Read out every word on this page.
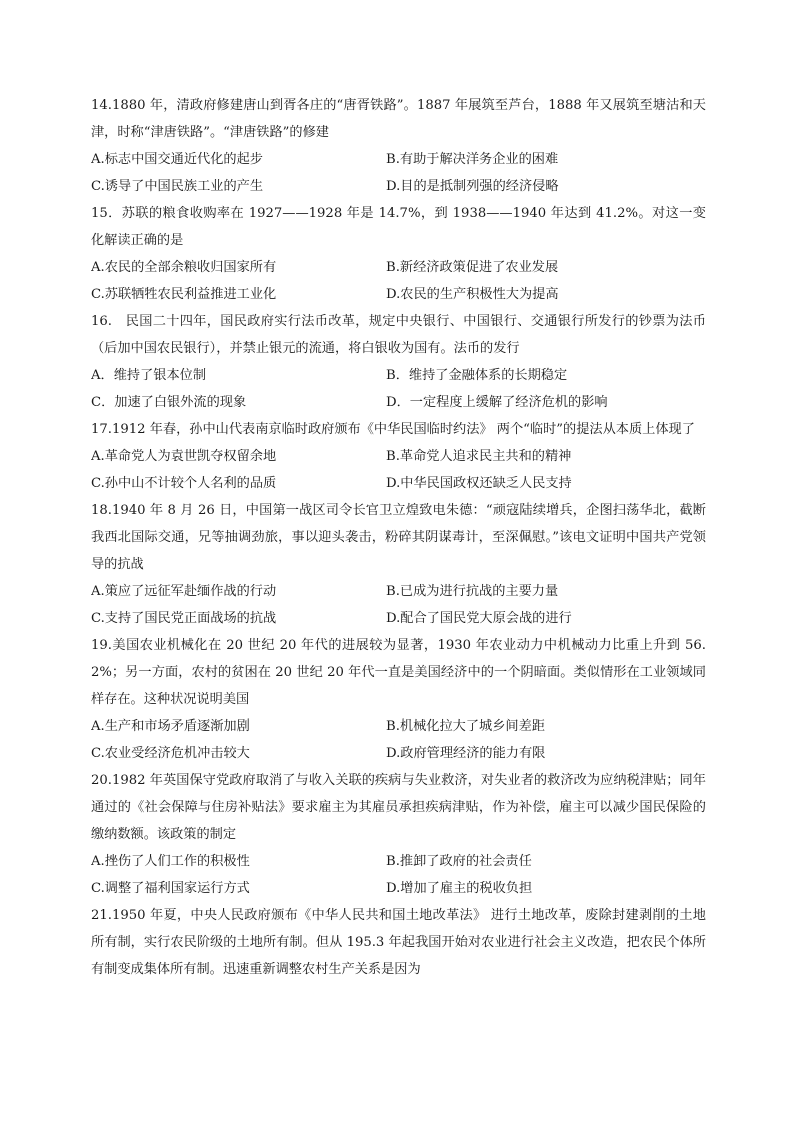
14.1880 年，清政府修建唐山到胥各庄的“唐胥铁路”。1887 年展筑至芦台，1888 年又展筑至塘沽和天津，时称“津唐铁路”。“津唐铁路”的修建

A.标志中国交通近代化的起步	B.有助于解决洋务企业的困难
C.诱导了中国民族工业的产生	D.目的是抵制列强的经济侵略

15．苏联的粮食收购率在 1927——1928 年是 14.7%，到 1938——1940 年达到 41.2%。对这一变化解读正确的是

A.农民的全部余粮收归国家所有	B.新经济政策促进了农业发展
C.苏联牺牲农民利益推进工业化	D.农民的生产积极性大为提高

16.　民国二十四年，国民政府实行法币改革，规定中央银行、中国银行、交通银行所发行的钞票为法币（后加中国农民银行），并禁止银元的流通，将白银收为国有。法币的发行

A．维持了银本位制	B．维持了金融体系的长期稳定
C．加速了白银外流的现象	D．一定程度上缓解了经济危机的影响

17.1912 年春，孙中山代表南京临时政府颁布《中华民国临时约法》 两个“临时”的提法从本质上体现了

A.革命党人为袁世凯夺权留余地	B.革命党人追求民主共和的精神
C.孙中山不计较个人名利的品质	D.中华民国政权还缺乏人民支持

18.1940 年 8 月 26 日，中国第一战区司令长官卫立煌致电朱德：“顽寇陆续增兵，企图扫荡华北，截断我西北国际交通，兄等抽调劲旅，事以迎头袭击，粉碎其阴谋毒计，至深佩慰。”该电文证明中国共产党领导的抗战

A.策应了远征军赴缅作战的行动	B.已成为进行抗战的主要力量
C.支持了国民党正面战场的抗战	D.配合了国民党大原会战的进行

19.美国农业机械化在 20 世纪 20 年代的进展较为显著，1930 年农业动力中机械动力比重上升到 56.2%；另一方面，农村的贫困在 20 世纪 20 年代一直是美国经济中的一个阴暗面。类似情形在工业领域同样存在。这种状况说明美国

A.生产和市场矛盾逐渐加剧	B.机械化拉大了城乡间差距
C.农业受经济危机冲击较大	D.政府管理经济的能力有限

20.1982 年英国保守党政府取消了与收入关联的疾病与失业救济，对失业者的救济改为应纳税津贴；同年通过的《社会保障与住房补贴法》要求雇主为其雇员承担疾病津贴，作为补偿，雇主可以减少国民保险的缴纳数额。该政策的制定

A.挫伤了人们工作的积极性	B.推卸了政府的社会责任
C.调整了福利国家运行方式	D.增加了雇主的税收负担

21.1950 年夏，中央人民政府颁布《中华人民共和国土地改革法》 进行土地改革，废除封建剥削的土地所有制，实行农民阶级的土地所有制。但从 195.3 年起我国开始对农业进行社会主义改造，把农民个体所有制变成集体所有制。迅速重新调整农村生产关系是因为
